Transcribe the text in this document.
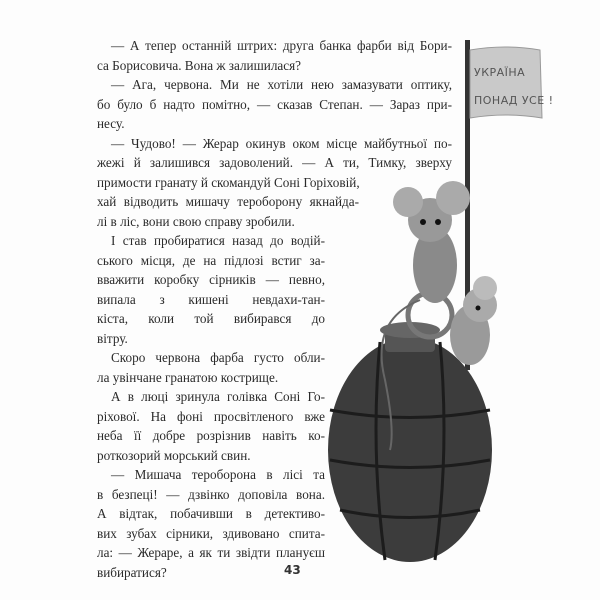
— А тепер останній штрих: друга банка фарби від Бори-
са Борисовича. Вона ж залишилася?
— Ага, червона. Ми не хотіли нею замазувати оптику,
бо було б надто помітно, — сказав Степан. — Зараз при-
несу.
— Чудово! — Жерар окинув оком місце майбутньої по-
жежі й залишився задоволений. — А ти, Тимку, зверху
примости гранату й скомандуй Соні Горіховій,
хай відводить мишачу тероборону якнайда-
лі в ліс, вони свою справу зробили.
І став пробиратися назад до водій-
ського місця, де на підлозі встиг за-
вважити коробку сірників — певно,
випала з кишені невдахи-тан-
кіста, коли той вибирався до
вітру.
Скоро червона фарба густо обли-
ла увінчане гранатою кострище.
А в люці зринула голівка Соні Го-
ріхової. На фоні просвітленого вже
неба її добре розрізнив навіть ко-
роткозорий морський свин.
— Мишача тероборона в лісі та
в безпеці! — дзвінко доповіла вона.
А відтак, побачивши в детективо-
вих зубах сірники, здивовано спита-
ла: — Жераре, а як ти звідти плануєш
вибиратися?
УКРАЇНА
ПОНАД УСЕ !
43
